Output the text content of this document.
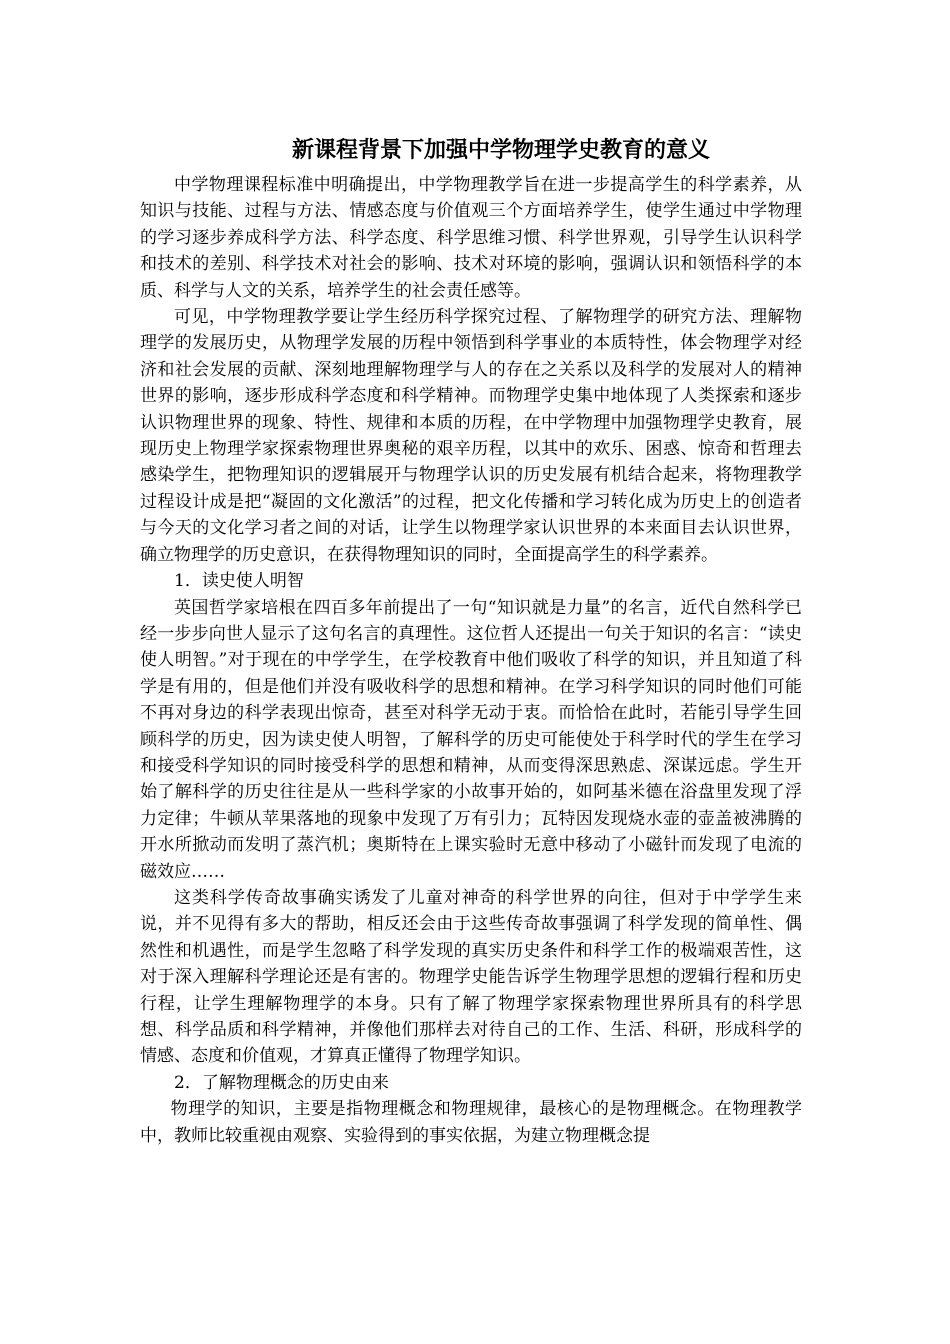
新课程背景下加强中学物理学史教育的意义

中学物理课程标准中明确提出，中学物理教学旨在进一步提高学生的科学素养，从知识与技能、过程与方法、情感态度与价值观三个方面培养学生，使学生通过中学物理的学习逐步养成科学方法、科学态度、科学思维习惯、科学世界观，引导学生认识科学和技术的差别、科学技术对社会的影响、技术对环境的影响，强调认识和领悟科学的本质、科学与人文的关系，培养学生的社会责任感等。

可见，中学物理教学要让学生经历科学探究过程、了解物理学的研究方法、理解物理学的发展历史，从物理学发展的历程中领悟到科学事业的本质特性，体会物理学对经济和社会发展的贡献、深刻地理解物理学与人的存在之关系以及科学的发展对人的精神世界的影响，逐步形成科学态度和科学精神。而物理学史集中地体现了人类探索和逐步认识物理世界的现象、特性、规律和本质的历程，在中学物理中加强物理学史教育，展现历史上物理学家探索物理世界奥秘的艰辛历程，以其中的欢乐、困惑、惊奇和哲理去感染学生，把物理知识的逻辑展开与物理学认识的历史发展有机结合起来，将物理教学过程设计成是把“凝固的文化激活”的过程，把文化传播和学习转化成为历史上的创造者与今天的文化学习者之间的对话，让学生以物理学家认识世界的本来面目去认识世界，确立物理学的历史意识，在获得物理知识的同时，全面提高学生的科学素养。

1．读史使人明智

英国哲学家培根在四百多年前提出了一句“知识就是力量”的名言，近代自然科学已经一步步向世人显示了这句名言的真理性。这位哲人还提出一句关于知识的名言：“读史使人明智。”对于现在的中学学生，在学校教育中他们吸收了科学的知识，并且知道了科学是有用的，但是他们并没有吸收科学的思想和精神。在学习科学知识的同时他们可能不再对身边的科学表现出惊奇，甚至对科学无动于衷。而恰恰在此时，若能引导学生回顾科学的历史，因为读史使人明智，了解科学的历史可能使处于科学时代的学生在学习和接受科学知识的同时接受科学的思想和精神，从而变得深思熟虑、深谋远虑。学生开始了解科学的历史往往是从一些科学家的小故事开始的，如阿基米德在浴盘里发现了浮力定律；牛顿从苹果落地的现象中发现了万有引力；瓦特因发现烧水壶的壶盖被沸腾的开水所掀动而发明了蒸汽机；奥斯特在上课实验时无意中移动了小磁针而发现了电流的磁效应……

这类科学传奇故事确实诱发了儿童对神奇的科学世界的向往，但对于中学学生来说，并不见得有多大的帮助，相反还会由于这些传奇故事强调了科学发现的简单性、偶然性和机遇性，而是学生忽略了科学发现的真实历史条件和科学工作的极端艰苦性，这对于深入理解科学理论还是有害的。物理学史能告诉学生物理学思想的逻辑行程和历史行程，让学生理解物理学的本身。只有了解了物理学家探索物理世界所具有的科学思想、科学品质和科学精神，并像他们那样去对待自己的工作、生活、科研，形成科学的情感、态度和价值观，才算真正懂得了物理学知识。

2．了解物理概念的历史由来

物理学的知识，主要是指物理概念和物理规律，最核心的是物理概念。在物理教学中，教师比较重视由观察、实验得到的事实依据，为建立物理概念提
